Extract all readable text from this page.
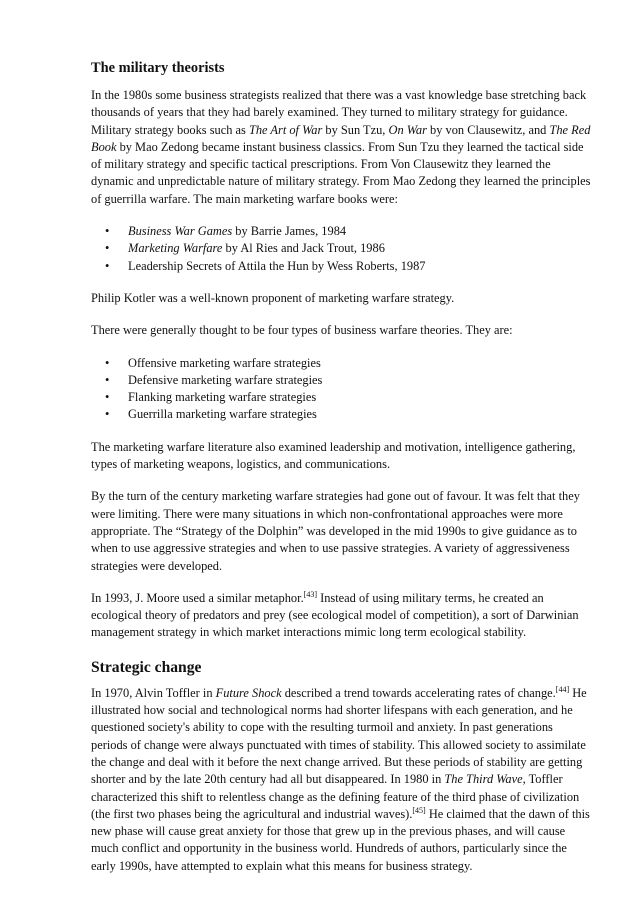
The military theorists

In the 1980s some business strategists realized that there was a vast knowledge base stretching back thousands of years that they had barely examined. They turned to military strategy for guidance. Military strategy books such as The Art of War by Sun Tzu, On War by von Clausewitz, and The Red Book by Mao Zedong became instant business classics. From Sun Tzu they learned the tactical side of military strategy and specific tactical prescriptions. From Von Clausewitz they learned the dynamic and unpredictable nature of military strategy. From Mao Zedong they learned the principles of guerrilla warfare. The main marketing warfare books were:

• Business War Games by Barrie James, 1984
• Marketing Warfare by Al Ries and Jack Trout, 1986
• Leadership Secrets of Attila the Hun by Wess Roberts, 1987

Philip Kotler was a well-known proponent of marketing warfare strategy.

There were generally thought to be four types of business warfare theories. They are:

• Offensive marketing warfare strategies
• Defensive marketing warfare strategies
• Flanking marketing warfare strategies
• Guerrilla marketing warfare strategies

The marketing warfare literature also examined leadership and motivation, intelligence gathering, types of marketing weapons, logistics, and communications.

By the turn of the century marketing warfare strategies had gone out of favour. It was felt that they were limiting. There were many situations in which non-confrontational approaches were more appropriate. The “Strategy of the Dolphin” was developed in the mid 1990s to give guidance as to when to use aggressive strategies and when to use passive strategies. A variety of aggressiveness strategies were developed.

In 1993, J. Moore used a similar metaphor.[43] Instead of using military terms, he created an ecological theory of predators and prey (see ecological model of competition), a sort of Darwinian management strategy in which market interactions mimic long term ecological stability.

Strategic change

In 1970, Alvin Toffler in Future Shock described a trend towards accelerating rates of change.[44] He illustrated how social and technological norms had shorter lifespans with each generation, and he questioned society's ability to cope with the resulting turmoil and anxiety. In past generations periods of change were always punctuated with times of stability. This allowed society to assimilate the change and deal with it before the next change arrived. But these periods of stability are getting shorter and by the late 20th century had all but disappeared. In 1980 in The Third Wave, Toffler characterized this shift to relentless change as the defining feature of the third phase of civilization (the first two phases being the agricultural and industrial waves).[45] He claimed that the dawn of this new phase will cause great anxiety for those that grew up in the previous phases, and will cause much conflict and opportunity in the business world. Hundreds of authors, particularly since the early 1990s, have attempted to explain what this means for business strategy.
